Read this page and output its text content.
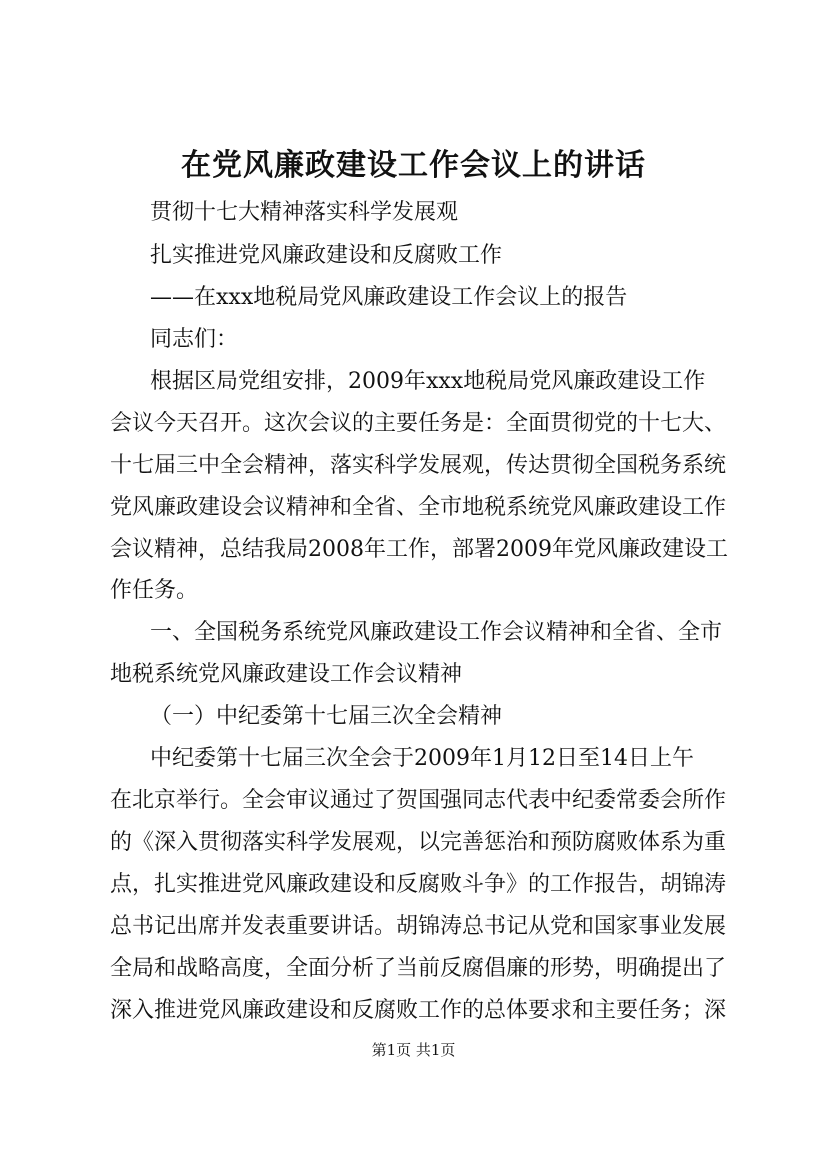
在党风廉政建设工作会议上的讲话
贯彻十七大精神落实科学发展观
扎实推进党风廉政建设和反腐败工作
——在xxx地税局党风廉政建设工作会议上的报告
同志们：
根据区局党组安排，2009年xxx地税局党风廉政建设工作
会议今天召开。这次会议的主要任务是：全面贯彻党的十七大、
十七届三中全会精神，落实科学发展观，传达贯彻全国税务系统
党风廉政建设会议精神和全省、全市地税系统党风廉政建设工作
会议精神，总结我局2008年工作，部署2009年党风廉政建设工
作任务。
一、全国税务系统党风廉政建设工作会议精神和全省、全市
地税系统党风廉政建设工作会议精神
（一）中纪委第十七届三次全会精神
中纪委第十七届三次全会于2009年1月12日至14日上午
在北京举行。全会审议通过了贺国强同志代表中纪委常委会所作
的《深入贯彻落实科学发展观，以完善惩治和预防腐败体系为重
点，扎实推进党风廉政建设和反腐败斗争》的工作报告，胡锦涛
总书记出席并发表重要讲话。胡锦涛总书记从党和国家事业发展
全局和战略高度，全面分析了当前反腐倡廉的形势，明确提出了
深入推进党风廉政建设和反腐败工作的总体要求和主要任务；深
第1页 共1页
